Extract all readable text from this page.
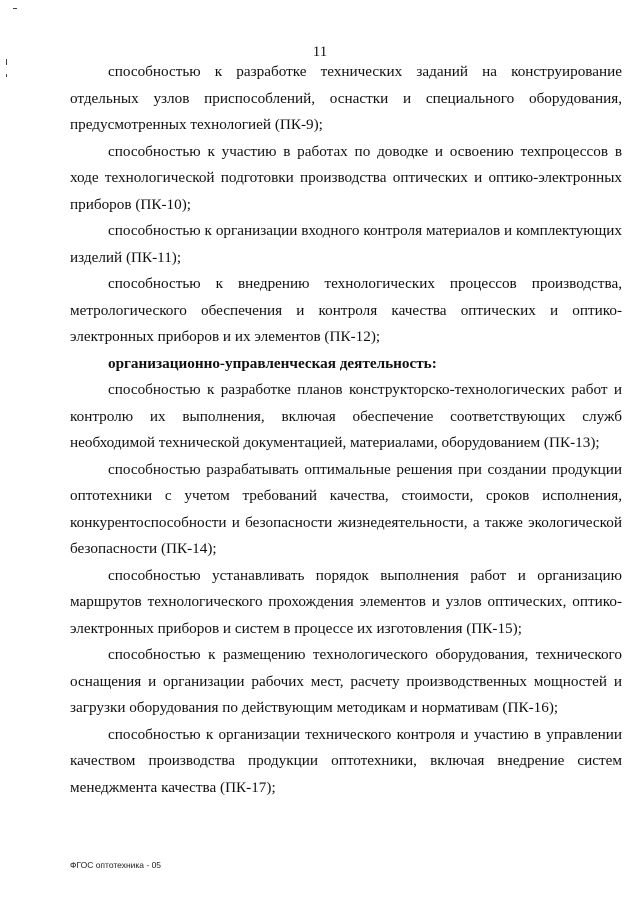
11

способностью к разработке технических заданий на конструирование отдельных узлов приспособлений, оснастки и специального оборудования, предусмотренных технологией (ПК-9);

способностью к участию в работах по доводке и освоению техпроцессов в ходе технологической подготовки производства оптических и оптико-электронных приборов (ПК-10);

способностью к организации входного контроля материалов и комплектующих изделий (ПК-11);

способностью к внедрению технологических процессов производства, метрологического обеспечения и контроля качества оптических и оптико-электронных приборов и их элементов (ПК-12);

организационно-управленческая деятельность:

способностью к разработке планов конструкторско-технологических работ и контролю их выполнения, включая обеспечение соответствующих служб необходимой технической документацией, материалами, оборудованием (ПК-13);

способностью разрабатывать оптимальные решения при создании продукции оптотехники с учетом требований качества, стоимости, сроков исполнения, конкурентоспособности и безопасности жизнедеятельности, а также экологической безопасности (ПК-14);

способностью устанавливать порядок выполнения работ и организацию маршрутов технологического прохождения элементов и узлов оптических, оптико-электронных приборов и систем в процессе их изготовления (ПК-15);

способностью к размещению технологического оборудования, технического оснащения и организации рабочих мест, расчету производственных мощностей и загрузки оборудования по действующим методикам и нормативам (ПК-16);

способностью к организации технического контроля и участию в управлении качеством производства продукции оптотехники, включая внедрение систем менеджмента качества (ПК-17);

ФГОС оптотехника - 05
